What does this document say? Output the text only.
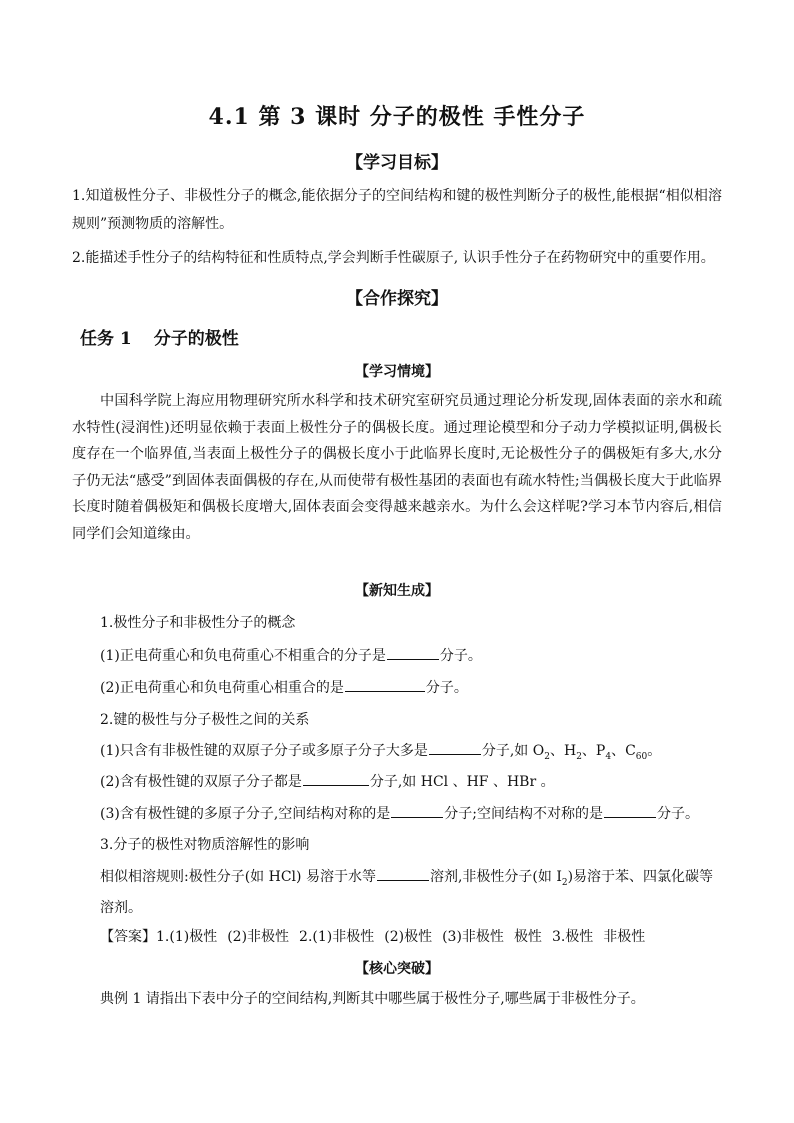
4.1 第 3 课时 分子的极性 手性分子
【学习目标】
1.知道极性分子、非极性分子的概念,能依据分子的空间结构和键的极性判断分子的极性,能根据“相似相溶规则”预测物质的溶解性。
2.能描述手性分子的结构特征和性质特点,学会判断手性碳原子, 认识手性分子在药物研究中的重要作用。
【合作探究】
任务 1 分子的极性
【学习情境】
中国科学院上海应用物理研究所水科学和技术研究室研究员通过理论分析发现,固体表面的亲水和疏水特性(浸润性)还明显依赖于表面上极性分子的偶极长度。通过理论模型和分子动力学模拟证明,偶极长度存在一个临界值,当表面上极性分子的偶极长度小于此临界长度时,无论极性分子的偶极矩有多大,水分子仍无法“感受”到固体表面偶极的存在,从而使带有极性基团的表面也有疏水特性;当偶极长度大于此临界长度时随着偶极矩和偶极长度增大,固体表面会变得越来越亲水。为什么会这样呢?学习本节内容后,相信同学们会知道缘由。
【新知生成】
1.极性分子和非极性分子的概念
(1)正电荷重心和负电荷重心不相重合的分子是	分子。
(2)正电荷重心和负电荷重心相重合的是	分子。
2.键的极性与分子极性之间的关系
(1)只含有非极性键的双原子分子或多原子分子大多是	分子,如 $O_2$、$H_2$、$P_4$、$C_{60}$。
(2)含有极性键的双原子分子都是	分子,如 HCl 、HF 、HBr 。
(3)含有极性键的多原子分子,空间结构对称的是	分子;空间结构不对称的是	分子。
3.分子的极性对物质溶解性的影响
相似相溶规则:极性分子(如 HCl) 易溶于水等	溶剂,非极性分子(如 $I_2$)易溶于苯、四氯化碳等
溶剂。
【答案】1.(1)极性 (2)非极性 2.(1)非极性 (2)极性 (3)非极性 极性 3.极性 非极性
【核心突破】
典例 1 请指出下表中分子的空间结构,判断其中哪些属于极性分子,哪些属于非极性分子。
